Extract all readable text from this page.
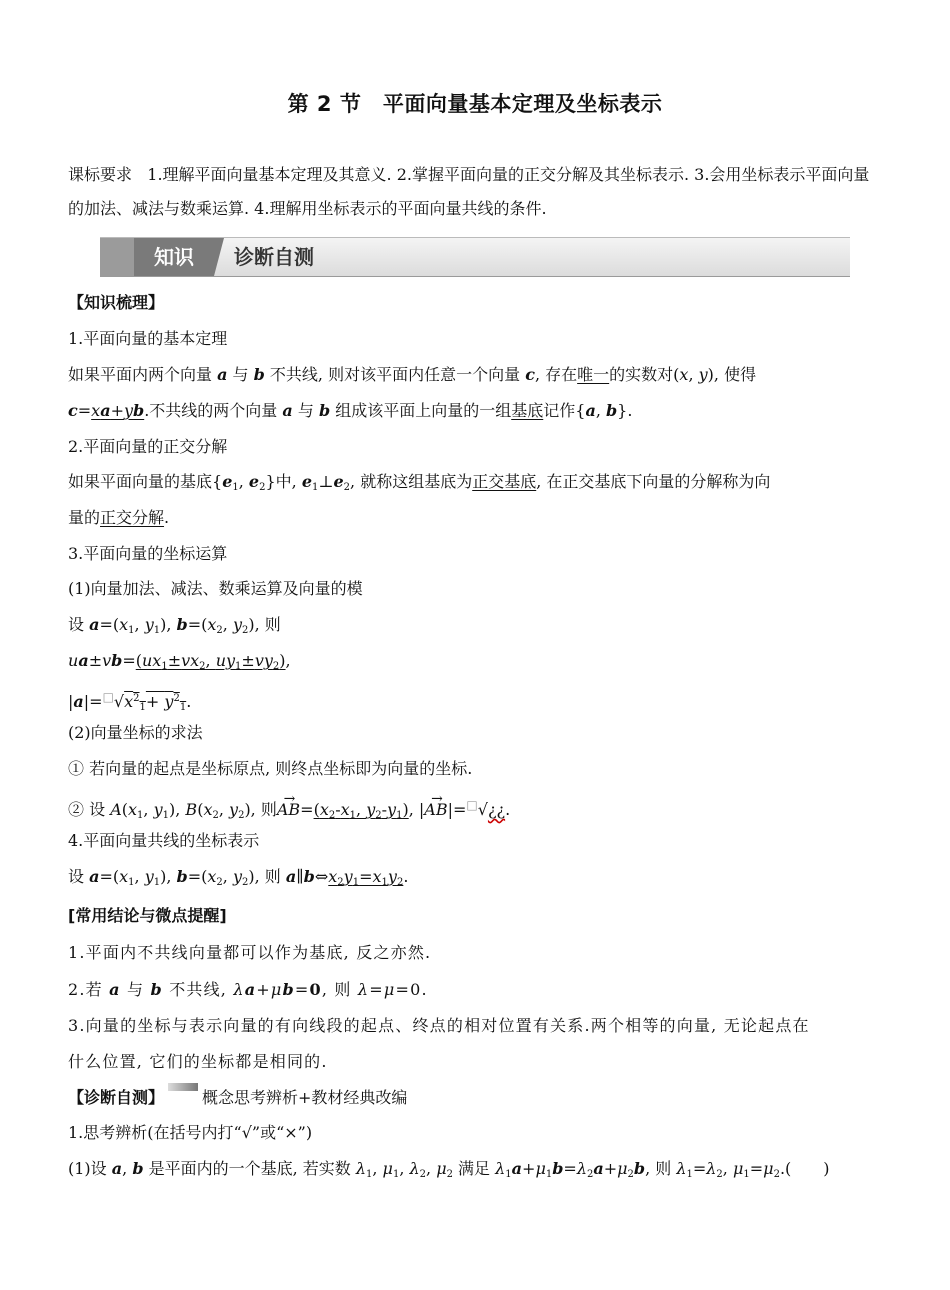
第 2 节　平面向量基本定理及坐标表示
课标要求 1.理解平面向量基本定理及其意义. 2.掌握平面向量的正交分解及其坐标表示. 3.会用坐标表示平面向量的加法、减法与数乘运算. 4.理解用坐标表示的平面向量共线的条件.
知识	诊断自测
【知识梳理】
1.平面向量的基本定理
如果平面内两个向量 a 与 b 不共线, 则对该平面内任意一个向量 c, 存在唯一的实数对(x, y), 使得
c=xa+yb.不共线的两个向量 a 与 b 组成该平面上向量的一组基底记作{a, b}.
2.平面向量的正交分解
如果平面向量的基底{$e_1$, $e_2$}中, $e_1\perp e_2$, 就称这组基底为正交基底, 在正交基底下向量的分解称为向
量的正交分解.
3.平面向量的坐标运算
(1)向量加法、减法、数乘运算及向量的模
设 $a=(x_1$, $y_1$), $b=(x_2$, $y_2$), 则
$ua\pm vb=(ux_1\pm vx_2$, $uy_1\pm vy_2$),
$|a|=^□√x^2_1+ y^2_1$.
(2)向量坐标的求法
① 若向量的起点是坐标原点, 则终点坐标即为向量的坐标.
② 设 $A(x_1$, $y_1$), $B(x_2$, $y_2$), 则→ $AB=(x_2-x_1$, $y_2-y_1$), |→ AB|=□√¿¿.
4.平面向量共线的坐标表示
设 $a=(x_1$, $y_1$), $b=(x_2$, $y_2$), 则 $a\parallel b\Leftrightarrow x_2y_1=x_1y_2$.
[常用结论与微点提醒]
1.平面内不共线向量都可以作为基底, 反之亦然.
2.若 a 与 b 不共线, λa+μb=0, 则 λ=μ=0.
3.向量的坐标与表示向量的有向线段的起点、终点的相对位置有关系.两个相等的向量, 无论起点在
什么位置, 它们的坐标都是相同的.
【诊断自测】 概念思考辨析+教材经典改编
1.思考辨析(在括号内打“√”或“×”)
(1)设 a, b 是平面内的一个基底, 若实数 $\lambda_1$, $\mu_1$, $\lambda_2$, $\mu_2$ 满足 $\lambda_1a+\mu_1b=\lambda_2a+\mu_2b$, 则 $\lambda_1=\lambda_2$, $\mu_1=\mu_2$.(　　)
